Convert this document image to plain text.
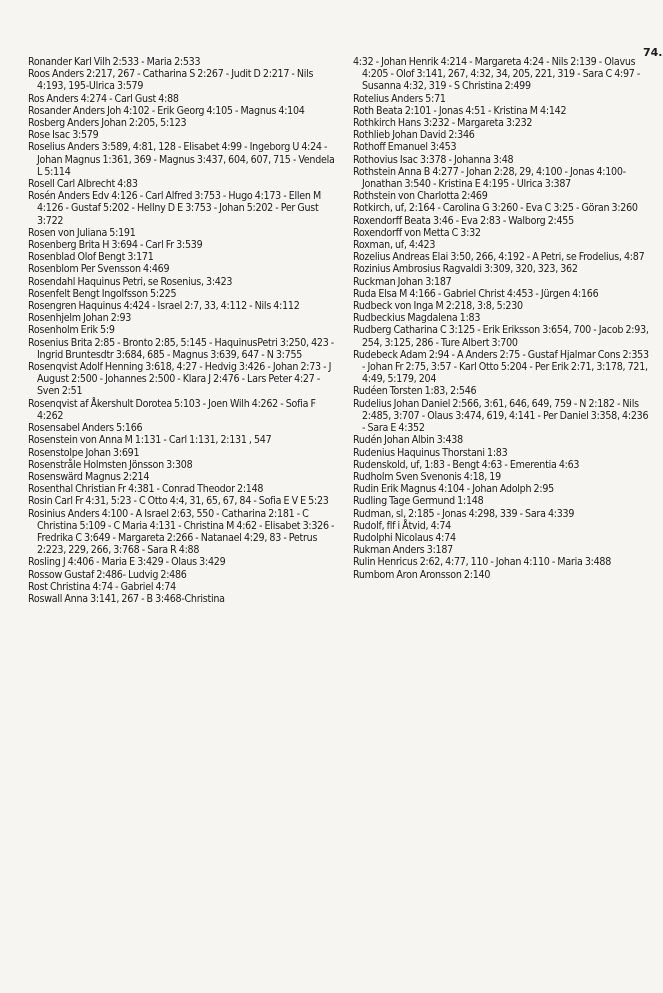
74.
Ronander Karl Vilh 2:533 - Maria 2:533
Roos Anders 2:217, 267 - Catharina S 2:267 - Judit D 2:217 - Nils 4:193, 195-Ulrica 3:579
Ros Anders 4:274 - Carl Gust 4:88
Rosander Anders Joh 4:102 - Erik Georg 4:105 - Magnus 4:104
Rosberg Anders Johan 2:205, 5:123
Rose Isac 3:579
Roselius Anders 3:589, 4:81, 128 - Elisabet 4:99 - Ingeborg U 4:24 - Johan Magnus 1:361, 369 - Magnus 3:437, 604, 607, 715 - Vendela L 5:114
Rosell Carl Albrecht 4:83
Rosén Anders Edv 4:126 - Carl Alfred 3:753 - Hugo 4:173 - Ellen M 4:126 - Gustaf 5:202 - Hellny D E 3:753 - Johan 5:202 - Per Gust 3:722
Rosen von Juliana 5:191
Rosenberg Brita H 3:694 - Carl Fr 3:539
Rosenblad Olof Bengt 3:171
Rosenblom Per Svensson 4:469
Rosendahl Haquinus Petri, se Rosenius, 3:423
Rosenfelt Bengt Ingolfsson 5:225
Rosengren Haquinus 4:424 - Israel 2:7, 33, 4:112 - Nils 4:112
Rosenhjelm Johan 2:93
Rosenholm Erik 5:9
Rosenius Brita 2:85 - Bronto 2:85, 5:145 - HaquinusPetri 3:250, 423 - Ingrid Bruntesdtr 3:684, 685 - Magnus 3:639, 647 - N 3:755
Rosenqvist Adolf Henning 3:618, 4:27 - Hedvig 3:426 - Johan 2:73 - J August 2:500 - Johannes 2:500 - Klara J 2:476 - Lars Peter 4:27 - Sven 2:51
Rosenqvist af Åkershult Dorotea 5:103 - Joen Wilh 4:262 - Sofia F 4:262
Rosensabel Anders 5:166
Rosenstein von Anna M 1:131 - Carl 1:131, 2:131 , 547
Rosenstolpe Johan 3:691
Rosenstråle Holmsten Jönsson 3:308
Rosenswärd Magnus 2:214
Rosenthal Christian Fr 4:381 - Conrad Theodor 2:148
Rosin Carl Fr 4:31, 5:23 - C Otto 4:4, 31, 65, 67, 84 - Sofia E V E 5:23
Rosinius Anders 4:100 - A Israel 2:63, 550 - Catharina 2:181 - C Christina 5:109 - C Maria 4:131 - Christina M 4:62 - Elisabet 3:326 - Fredrika C 3:649 - Margareta 2:266 - Natanael 4:29, 83 - Petrus 2:223, 229, 266, 3:768 - Sara R 4:88
Rosling J 4:406 - Maria E 3:429 - Olaus 3:429
Rossow Gustaf 2:486- Ludvig 2:486
Rost Christina 4:74 - Gabriel 4:74
Roswall Anna 3:141, 267 - B 3:468-Christina
4:32 - Johan Henrik 4:214 - Margareta 4:24 - Nils 2:139 - Olavus 4:205 - Olof 3:141, 267, 4:32, 34, 205, 221, 319 - Sara C 4:97 - Susanna 4:32, 319 - S Christina 2:499
Rotelius Anders 5:71
Roth Beata 2:101 - Jonas 4:51 - Kristina M 4:142
Rothkirch Hans 3:232 - Margareta 3:232
Rothlieb Johan David 2:346
Rothoff Emanuel 3:453
Rothovius Isac 3:378 - Johanna 3:48
Rothstein Anna B 4:277 - Johan 2:28, 29, 4:100 - Jonas 4:100- Jonathan 3:540 - Kristina E 4:195 - Ulrica 3:387
Rothstein von Charlotta 2:469
Rotkirch, uf, 2:164 - Carolina G 3:260 - Eva C 3:25 - Göran 3:260
Roxendorff Beata 3:46 - Eva 2:83 - Walborg 2:455
Roxendorff von Metta C 3:32
Roxman, uf, 4:423
Rozelius Andreas Elai 3:50, 266, 4:192 - A Petri, se Frodelius, 4:87
Rozinius Ambrosius Ragvaldi 3:309, 320, 323, 362
Ruckman Johan 3:187
Ruda Elsa M 4:166 - Gabriel Christ 4:453 - Jürgen 4:166
Rudbeck von Inga M 2:218, 3:8, 5:230
Rudbeckius Magdalena 1:83
Rudberg Catharina C 3:125 - Erik Eriksson 3:654, 700 - Jacob 2:93, 254, 3:125, 286 - Ture Albert 3:700
Rudebeck Adam 2:94 - A Anders 2:75 - Gustaf Hjalmar Cons 2:353 - Johan Fr 2:75, 3:57 - Karl Otto 5:204 - Per Erik 2:71, 3:178, 721, 4:49, 5:179, 204
Rudéen Torsten 1:83, 2:546
Rudelius Johan Daniel 2:566, 3:61, 646, 649, 759 - N 2:182 - Nils 2:485, 3:707 - Olaus 3:474, 619, 4:141 - Per Daniel 3:358, 4:236 - Sara E 4:352
Rudén Johan Albin 3:438
Rudenius Haquinus Thorstani 1:83
Rudenskold, uf, 1:83 - Bengt 4:63 - Emerentia 4:63
Rudholm Sven Svenonis 4:18, 19
Rudin Erik Magnus 4:104 - Johan Adolph 2:95
Rudling Tage Germund 1:148
Rudman, sl, 2:185 - Jonas 4:298, 339 - Sara 4:339
Rudolf, flf i Åtvid, 4:74
Rudolphi Nicolaus 4:74
Rukman Anders 3:187
Rulin Henricus 2:62, 4:77, 110 - Johan 4:110 - Maria 3:488
Rumbom Aron Aronsson 2:140
